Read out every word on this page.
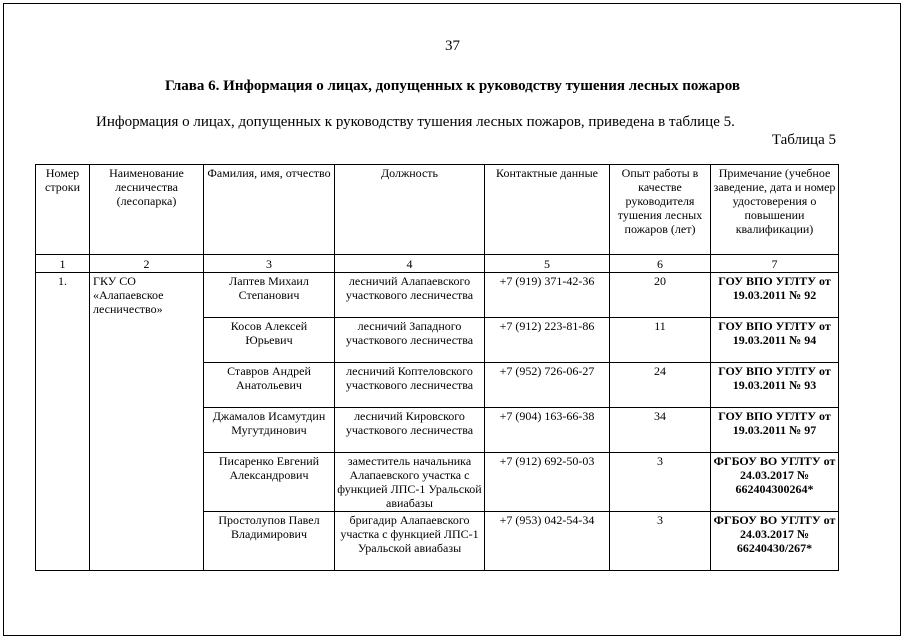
37
Глава 6. Информация о лицах, допущенных к руководству тушения лесных пожаров
Информация о лицах, допущенных к руководству тушения лесных пожаров, приведена в таблице 5.
Таблица 5
Номер строки	Наименование лесничества (лесопарка)	Фамилия, имя, отчество	Должность	Контактные данные	Опыт работы в качестве руководителя тушения лесных пожаров (лет)	Примечание (учебное заведение, дата и номер удостоверения о повышении квалификации)
1	2	3	4	5	6	7
1.	ГКУ СО «Алапаевское лесничество»	Лаптев Михаил Степанович	лесничий Алапаевского участкового лесничества	+7 (919) 371-42-36	20	ГОУ ВПО УГЛТУ от 19.03.2011 № 92
		Косов Алексей Юрьевич	лесничий Западного участкового лесничества	+7 (912) 223-81-86	11	ГОУ ВПО УГЛТУ от 19.03.2011 № 94
		Ставров Андрей Анатольевич	лесничий Коптеловского участкового лесничества	+7 (952) 726-06-27	24	ГОУ ВПО УГЛТУ от 19.03.2011 № 93
		Джамалов Исамутдин Мугутдинович	лесничий Кировского участкового лесничества	+7 (904) 163-66-38	34	ГОУ ВПО УГЛТУ от 19.03.2011 № 97
		Писаренко Евгений Александрович	заместитель начальника Алапаевского участка с функцией ЛПС-1 Уральской авиабазы	+7 (912) 692-50-03	3	ФГБОУ ВО УГЛТУ от 24.03.2017 № 662404300264*
		Простолупов Павел Владимирович	бригадир Алапаевского участка с функцией ЛПС-1 Уральской авиабазы	+7 (953) 042-54-34	3	ФГБОУ ВО УГЛТУ от 24.03.2017 № 66240430/267*
